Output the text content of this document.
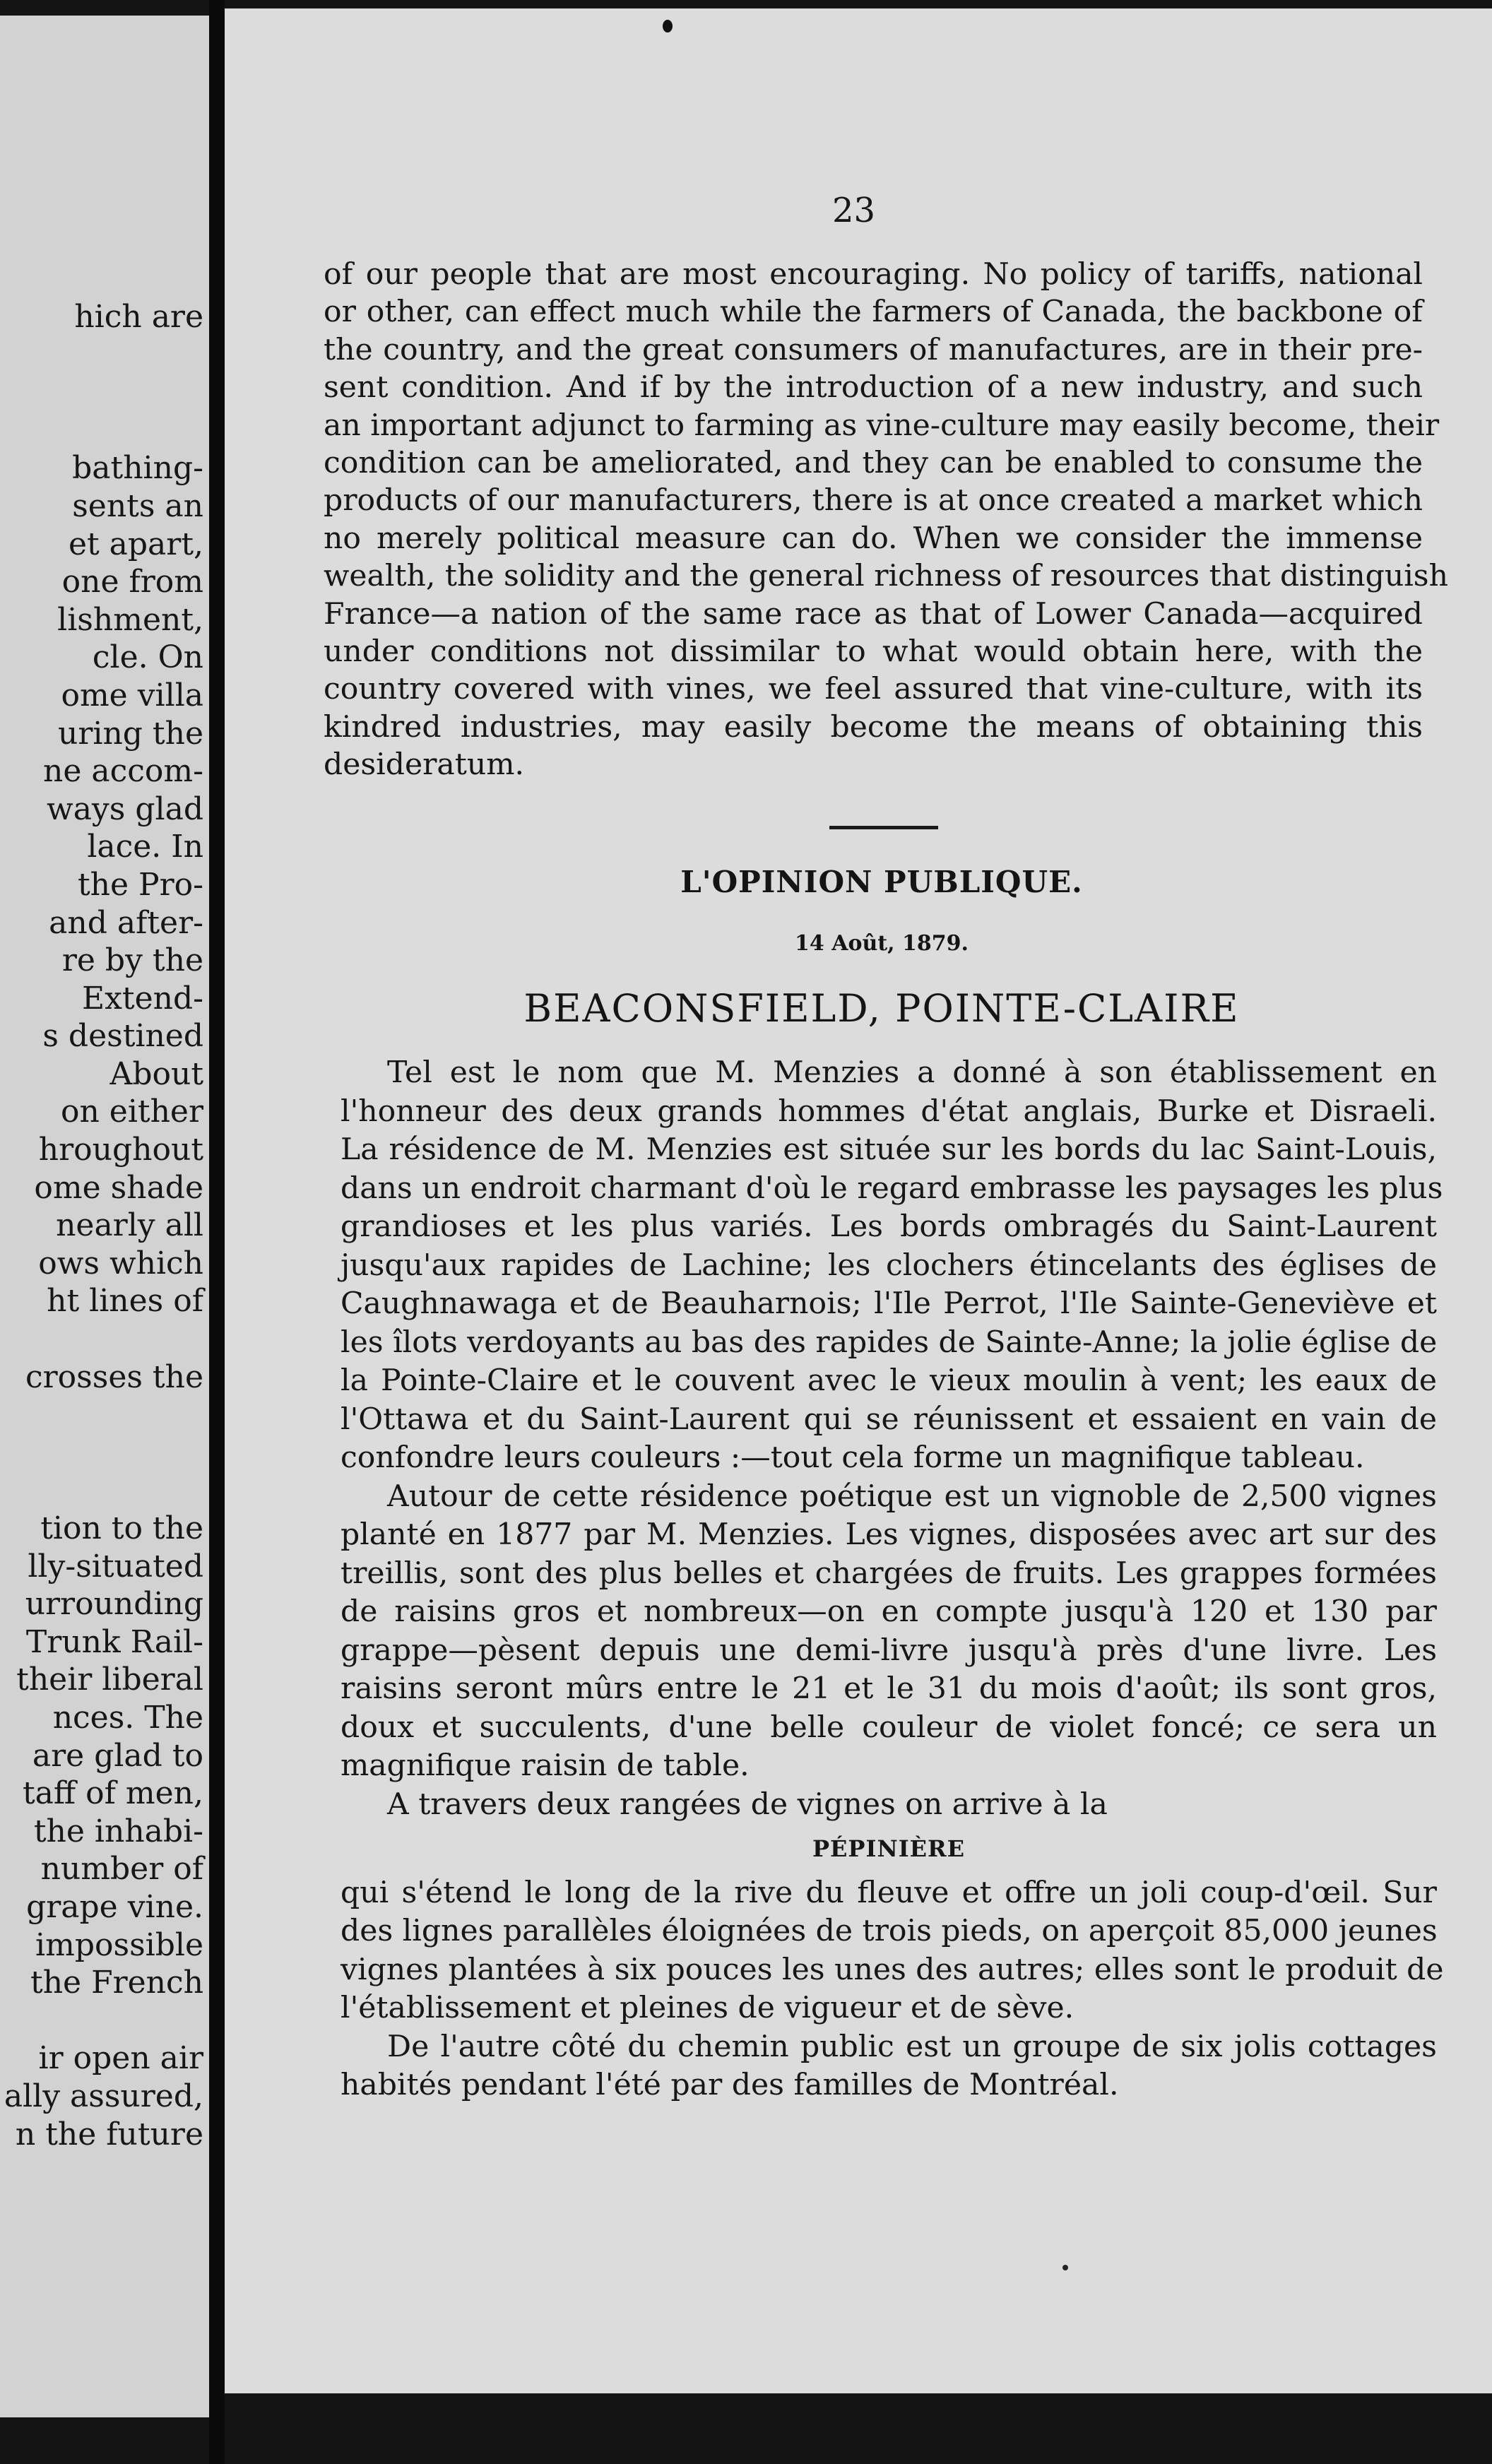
hich are

bathing-
sents an
et apart,
one from
lishment,
cle. On
ome villa
uring the
ne accom-
ways glad
lace. In
the Pro-
and after-
re by the
Extend-
s destined
About
on either
hroughout
ome shade
nearly all
ows which
ht lines of

crosses the

tion to the
lly-situated
urrounding
Trunk Rail-
their liberal
nces. The
are glad to
taff of men,
the inhabi-
number of
grape vine.
impossible
the French

ir open air
ally assured,
n the future
23
of our people that are most encouraging. No policy of tariffs, national
or other, can effect much while the farmers of Canada, the backbone of
the country, and the great consumers of manufactures, are in their pre-
sent condition. And if by the introduction of a new industry, and such
an important adjunct to farming as vine-culture may easily become, their
condition can be ameliorated, and they can be enabled to consume the
products of our manufacturers, there is at once created a market which
no merely political measure can do. When we consider the immense
wealth, the solidity and the general richness of resources that distinguish
France—a nation of the same race as that of Lower Canada—acquired
under conditions not dissimilar to what would obtain here, with the
country covered with vines, we feel assured that vine-culture, with its
kindred industries, may easily become the means of obtaining this
desideratum.
L'OPINION PUBLIQUE.
14 Août, 1879.
BEACONSFIELD, POINTE-CLAIRE
Tel est le nom que M. Menzies a donné à son établissement en
l'honneur des deux grands hommes d'état anglais, Burke et Disraeli.
La résidence de M. Menzies est située sur les bords du lac Saint-Louis,
dans un endroit charmant d'où le regard embrasse les paysages les plus
grandioses et les plus variés. Les bords ombragés du Saint-Laurent
jusqu'aux rapides de Lachine; les clochers étincelants des églises de
Caughnawaga et de Beauharnois; l'Ile Perrot, l'Ile Sainte-Geneviève et
les îlots verdoyants au bas des rapides de Sainte-Anne; la jolie église de
la Pointe-Claire et le couvent avec le vieux moulin à vent; les eaux de
l'Ottawa et du Saint-Laurent qui se réunissent et essaient en vain de
confondre leurs couleurs :—tout cela forme un magnifique tableau.
Autour de cette résidence poétique est un vignoble de 2,500 vignes
planté en 1877 par M. Menzies. Les vignes, disposées avec art sur des
treillis, sont des plus belles et chargées de fruits. Les grappes formées
de raisins gros et nombreux—on en compte jusqu'à 120 et 130 par
grappe—pèsent depuis une demi-livre jusqu'à près d'une livre. Les
raisins seront mûrs entre le 21 et le 31 du mois d'août; ils sont gros,
doux et succulents, d'une belle couleur de violet foncé; ce sera un
magnifique raisin de table.
A travers deux rangées de vignes on arrive à la
PÉPINIÈRE
qui s'étend le long de la rive du fleuve et offre un joli coup-d'œil. Sur
des lignes parallèles éloignées de trois pieds, on aperçoit 85,000 jeunes
vignes plantées à six pouces les unes des autres; elles sont le produit de
l'établissement et pleines de vigueur et de sève.
De l'autre côté du chemin public est un groupe de six jolis cottages
habités pendant l'été par des familles de Montréal.
